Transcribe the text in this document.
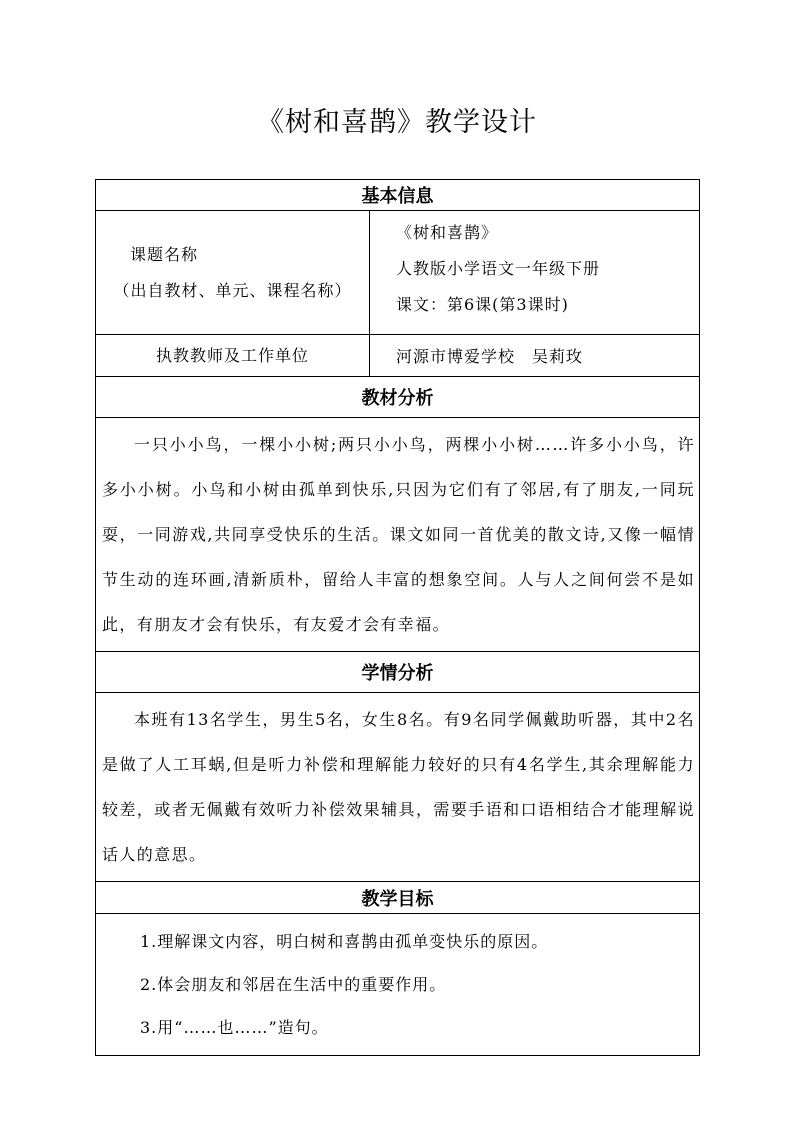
《树和喜鹊》教学设计
基本信息	

课题名称
（出自教材、单元、课程名称）	《树和喜鹊》
人教版小学语文一年级下册
课文：第6课(第3课时)

执教教师及工作单位	河源市博爱学校　吴莉玫
教材分析	

一只小小鸟，一棵小小树;两只小小鸟，两棵小小树……许多小小鸟，许多小小树。小鸟和小树由孤单到快乐,只因为它们有了邻居,有了朋友,一同玩耍，一同游戏,共同享受快乐的生活。课文如同一首优美的散文诗,又像一幅情节生动的连环画,清新质朴，留给人丰富的想象空间。人与人之间何尝不是如此，有朋友才会有快乐，有友爱才会有幸福。	

学情分析	

本班有13名学生，男生5名，女生8名。有9名同学佩戴助听器，其中2名是做了人工耳蜗,但是听力补偿和理解能力较好的只有4名学生,其余理解能力较差，或者无佩戴有效听力补偿效果辅具，需要手语和口语相结合才能理解说话人的意思。	

教学目标	

1.理解课文内容，明白树和喜鹊由孤单变快乐的原因。
2.体会朋友和邻居在生活中的重要作用。
3.用“……也……”造句。	
